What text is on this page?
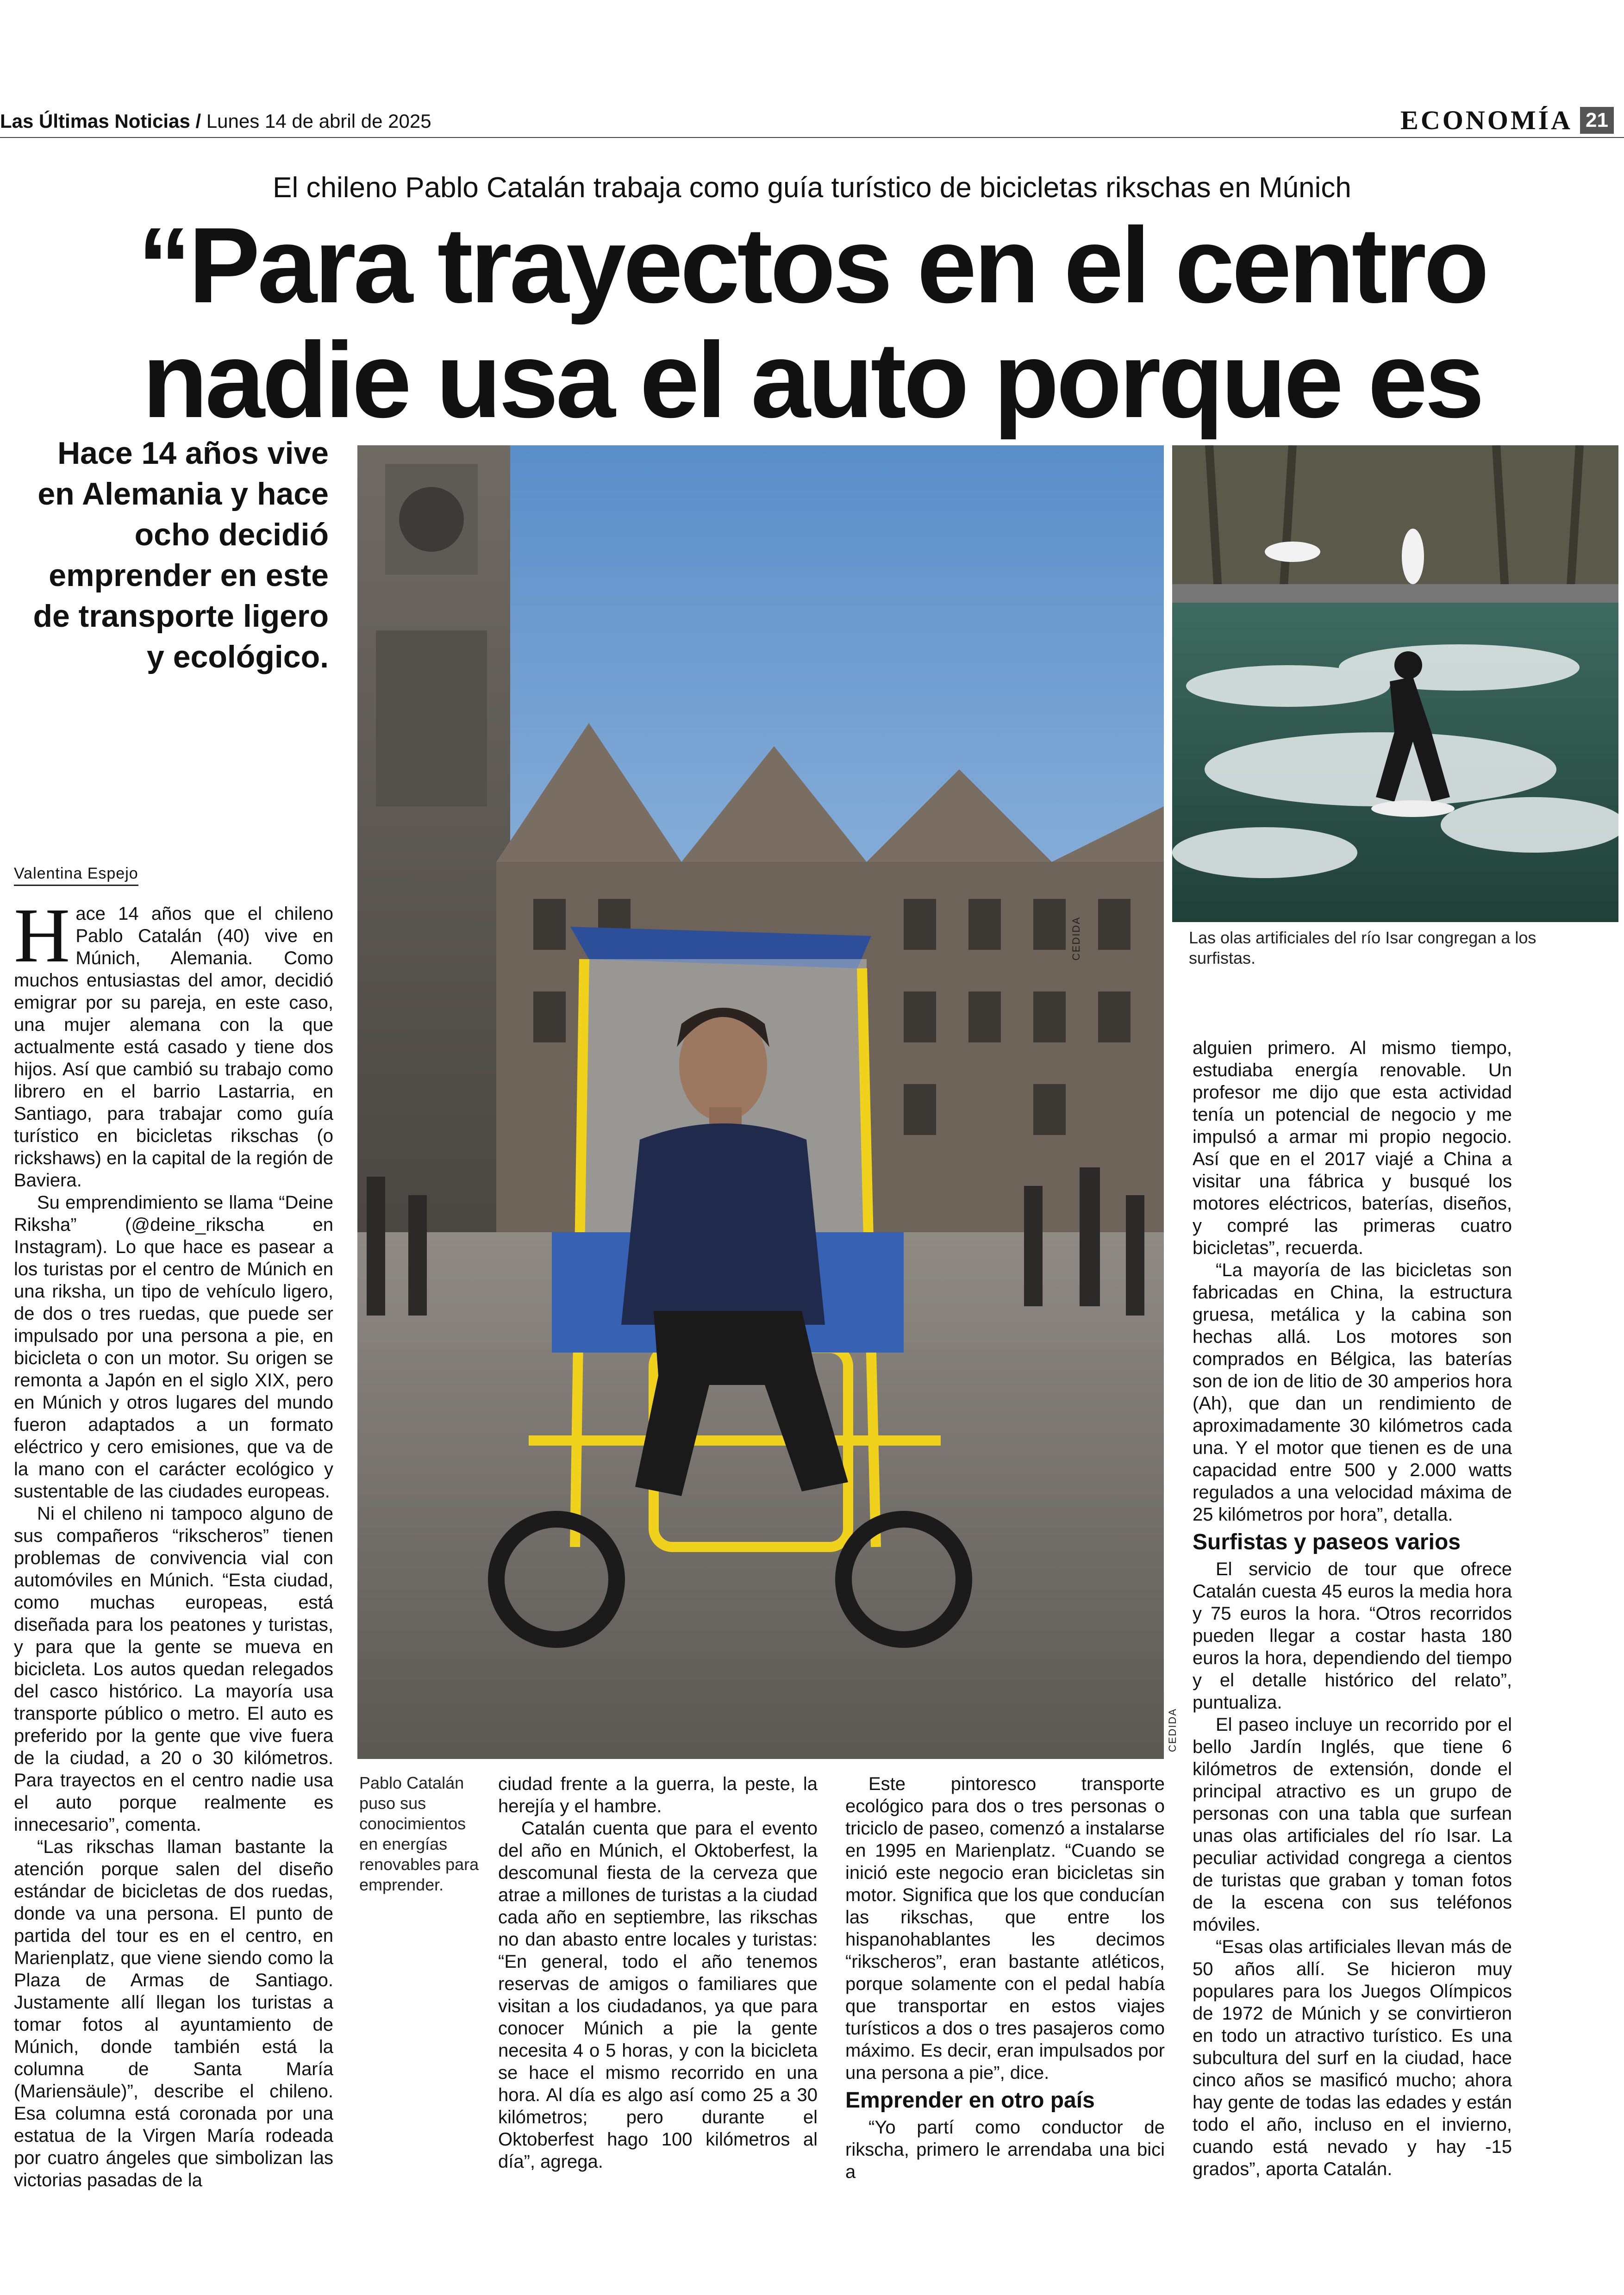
Las Últimas Noticias / Lunes 14 de abril de 2025	ECONOMÍA 21
El chileno Pablo Catalán trabaja como guía turístico de bicicletas rikschas en Múnich
“Para trayectos en el centro nadie usa el auto porque es
Hace 14 años vive en Alemania y hace ocho decidió emprender en este de transporte ligero y ecológico.
CEDIDA
CEDIDA
Las olas artificiales del río Isar congregan a los surfistas.
Pablo Catalán puso sus conocimientos en energías renovables para emprender.
Valentina Espejo

Hace 14 años que el chileno Pablo Catalán (40) vive en Múnich, Alemania. Como muchos entusiastas del amor, decidió emigrar por su pareja, en este caso, una mujer alemana con la que actualmente está casado y tiene dos hijos. Así que cambió su trabajo como librero en el barrio Lastarria, en Santiago, para trabajar como guía turístico en bicicletas rikschas (o rickshaws) en la capital de la región de Baviera.

Su emprendimiento se llama “Deine Riksha” (@deine_rikscha en Instagram). Lo que hace es pasear a los turistas por el centro de Múnich en una riksha, un tipo de vehículo ligero, de dos o tres ruedas, que puede ser impulsado por una persona a pie, en bicicleta o con un motor. Su origen se remonta a Japón en el siglo XIX, pero en Múnich y otros lugares del mundo fueron adaptados a un formato eléctrico y cero emisiones, que va de la mano con el carácter ecológico y sustentable de las ciudades europeas.

Ni el chileno ni tampoco alguno de sus compañeros “rikscheros” tienen problemas de convivencia vial con automóviles en Múnich. “Esta ciudad, como muchas europeas, está diseñada para los peatones y turistas, y para que la gente se mueva en bicicleta. Los autos quedan relegados del casco histórico. La mayoría usa transporte público o metro. El auto es preferido por la gente que vive fuera de la ciudad, a 20 o 30 kilómetros. Para trayectos en el centro nadie usa el auto porque realmente es innecesario”, comenta.

“Las rikschas llaman bastante la atención porque salen del diseño estándar de bicicletas de dos ruedas, donde va una persona. El punto de partida del tour es en el centro, en Marienplatz, que viene siendo como la Plaza de Armas de Santiago. Justamente allí llegan los turistas a tomar fotos al ayuntamiento de Múnich, donde también está la columna de Santa María (Mariensäule)”, describe el chileno. Esa columna está coronada por una estatua de la Virgen María rodeada por cuatro ángeles que simbolizan las victorias pasadas de la

ciudad frente a la guerra, la peste, la herejía y el hambre.

Catalán cuenta que para el evento del año en Múnich, el Oktoberfest, la descomunal fiesta de la cerveza que atrae a millones de turistas a la ciudad cada año en septiembre, las rikschas no dan abasto entre locales y turistas: “En general, todo el año tenemos reservas de amigos o familiares que visitan a los ciudadanos, ya que para conocer Múnich a pie la gente necesita 4 o 5 horas, y con la bicicleta se hace el mismo recorrido en una hora. Al día es algo así como 25 a 30 kilómetros; pero durante el Oktoberfest hago 100 kilómetros al día”, agrega.

Este pintoresco transporte ecológico para dos o tres personas o triciclo de paseo, comenzó a instalarse en 1995 en Marienplatz. “Cuando se inició este negocio eran bicicletas sin motor. Significa que los que conducían las rikschas, que entre los hispanohablantes les decimos “rikscheros”, eran bastante atléticos, porque solamente con el pedal había que transportar en estos viajes turísticos a dos o tres pasajeros como máximo. Es decir, eran impulsados por una persona a pie”, dice.

Emprender en otro país

“Yo partí como conductor de rikscha, primero le arrendaba una bici a

alguien primero. Al mismo tiempo, estudiaba energía renovable. Un profesor me dijo que esta actividad tenía un potencial de negocio y me impulsó a armar mi propio negocio. Así que en el 2017 viajé a China a visitar una fábrica y busqué los motores eléctricos, baterías, diseños, y compré las primeras cuatro bicicletas”, recuerda.

“La mayoría de las bicicletas son fabricadas en China, la estructura gruesa, metálica y la cabina son hechas allá. Los motores son comprados en Bélgica, las baterías son de ion de litio de 30 amperios hora (Ah), que dan un rendimiento de aproximadamente 30 kilómetros cada una. Y el motor que tienen es de una capacidad entre 500 y 2.000 watts regulados a una velocidad máxima de 25 kilómetros por hora”, detalla.

Surfistas y paseos varios

El servicio de tour que ofrece Catalán cuesta 45 euros la media hora y 75 euros la hora. “Otros recorridos pueden llegar a costar hasta 180 euros la hora, dependiendo del tiempo y el detalle histórico del relato”, puntualiza.

El paseo incluye un recorrido por el bello Jardín Inglés, que tiene 6 kilómetros de extensión, donde el principal atractivo es un grupo de personas con una tabla que surfean unas olas artificiales del río Isar. La peculiar actividad congrega a cientos de turistas que graban y toman fotos de la escena con sus teléfonos móviles.

“Esas olas artificiales llevan más de 50 años allí. Se hicieron muy populares para los Juegos Olímpicos de 1972 de Múnich y se convirtieron en todo un atractivo turístico. Es una subcultura del surf en la ciudad, hace cinco años se masificó mucho; ahora hay gente de todas las edades y están todo el año, incluso en el invierno, cuando está nevado y hay -15 grados”, aporta Catalán.
